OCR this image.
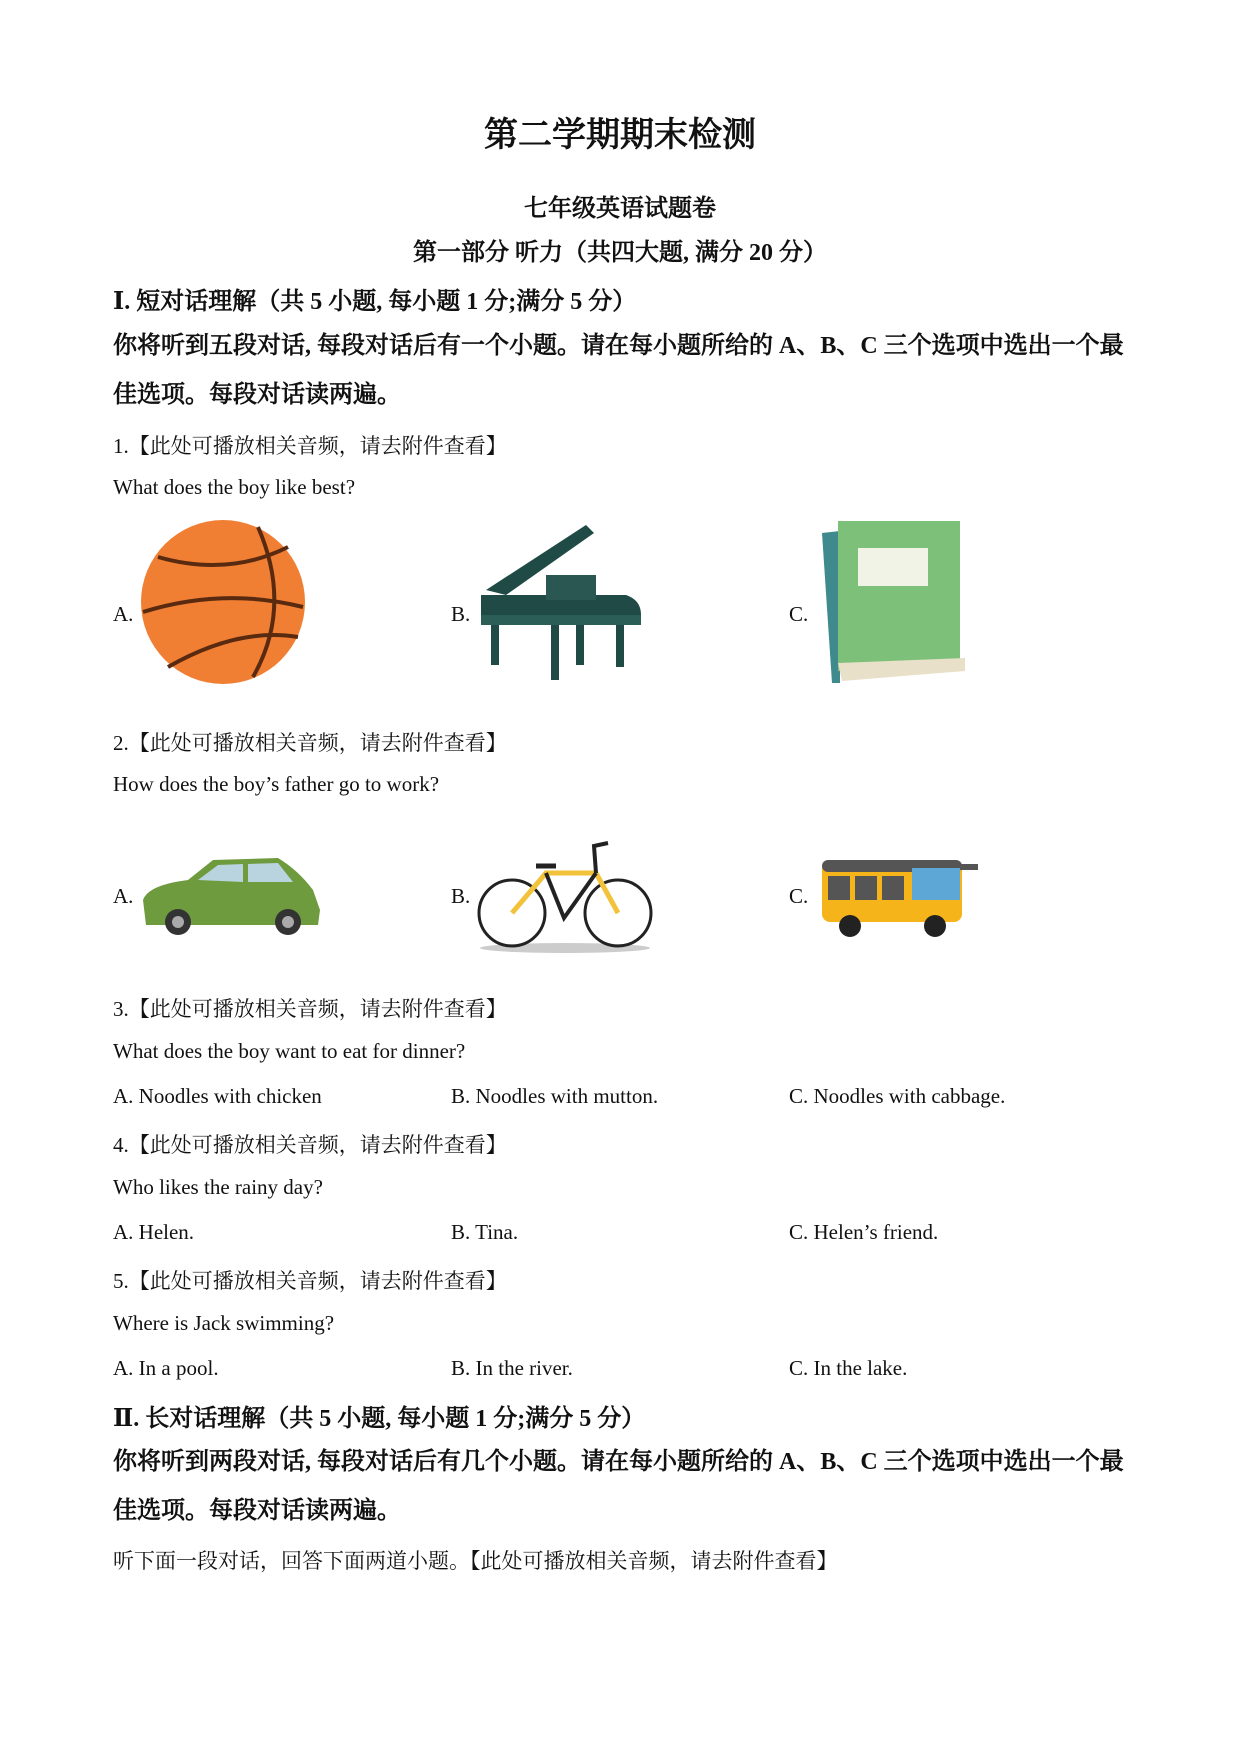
第二学期期末检测
七年级英语试题卷
第一部分 听力（共四大题, 满分 20 分）
Ⅰ. 短对话理解（共 5 小题, 每小题 1 分;满分 5 分）
你将听到五段对话, 每段对话后有一个小题。请在每小题所给的 A、B、C 三个选项中选出一个最佳选项。每段对话读两遍。
1.【此处可播放相关音频，请去附件查看】
What does the boy like best?
A.	B.	C.
2.【此处可播放相关音频，请去附件查看】
How does the boy’s father go to work?
A.	B.	C.
3.【此处可播放相关音频，请去附件查看】
What does the boy want to eat for dinner?
A. Noodles with chicken	B. Noodles with mutton.	C. Noodles with cabbage.
4.【此处可播放相关音频，请去附件查看】
Who likes the rainy day?
A. Helen.	B. Tina.	C. Helen’s friend.
5.【此处可播放相关音频，请去附件查看】
Where is Jack swimming?
A. In a pool.	B. In the river.	C. In the lake.
Ⅱ. 长对话理解（共 5 小题, 每小题 1 分;满分 5 分）
你将听到两段对话, 每段对话后有几个小题。请在每小题所给的 A、B、C 三个选项中选出一个最佳选项。每段对话读两遍。
听下面一段对话，回答下面两道小题。【此处可播放相关音频，请去附件查看】
